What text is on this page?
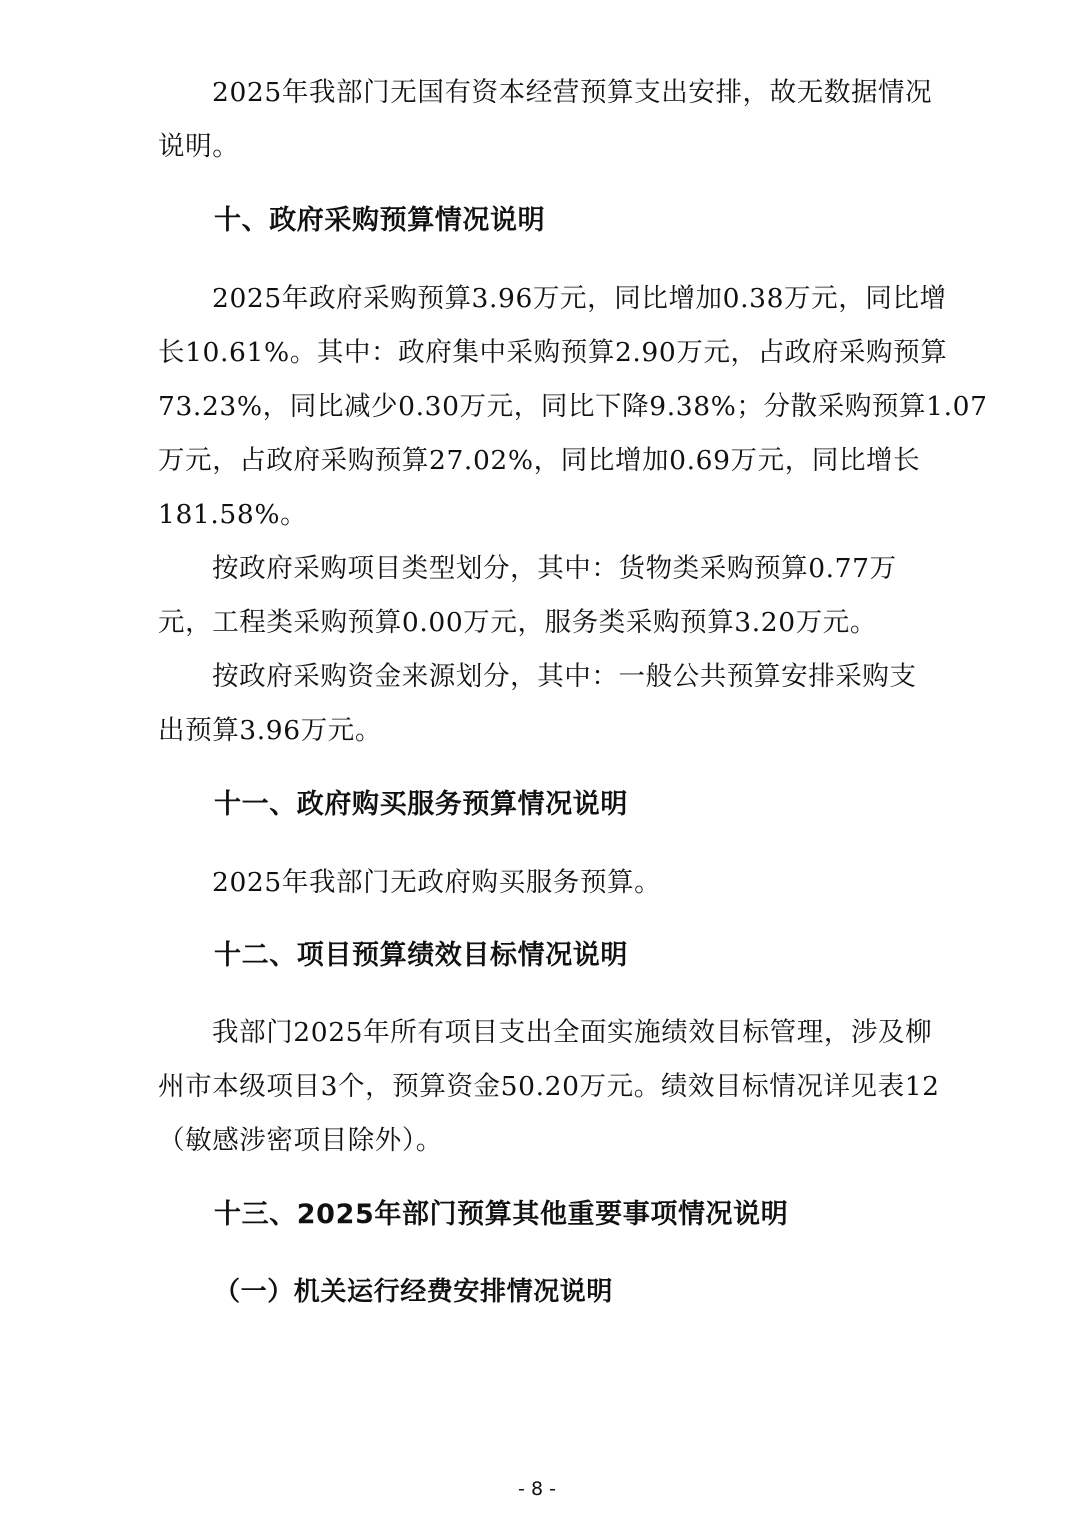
2025年我部门无国有资本经营预算支出安排，故无数据情况
说明。
十、政府采购预算情况说明
2025年政府采购预算3.96万元，同比增加0.38万元，同比增
长10.61%。其中：政府集中采购预算2.90万元，占政府采购预算
73.23%，同比减少0.30万元，同比下降9.38%；分散采购预算1.07
万元，占政府采购预算27.02%，同比增加0.69万元，同比增长
181.58%。
按政府采购项目类型划分，其中：货物类采购预算0.77万
元，工程类采购预算0.00万元，服务类采购预算3.20万元。
按政府采购资金来源划分，其中：一般公共预算安排采购支
出预算3.96万元。
十一、政府购买服务预算情况说明
2025年我部门无政府购买服务预算。
十二、项目预算绩效目标情况说明
我部门2025年所有项目支出全面实施绩效目标管理，涉及柳
州市本级项目3个，预算资金50.20万元。绩效目标情况详见表12
（敏感涉密项目除外）。
十三、2025年部门预算其他重要事项情况说明
（一）机关运行经费安排情况说明
- 8 -
